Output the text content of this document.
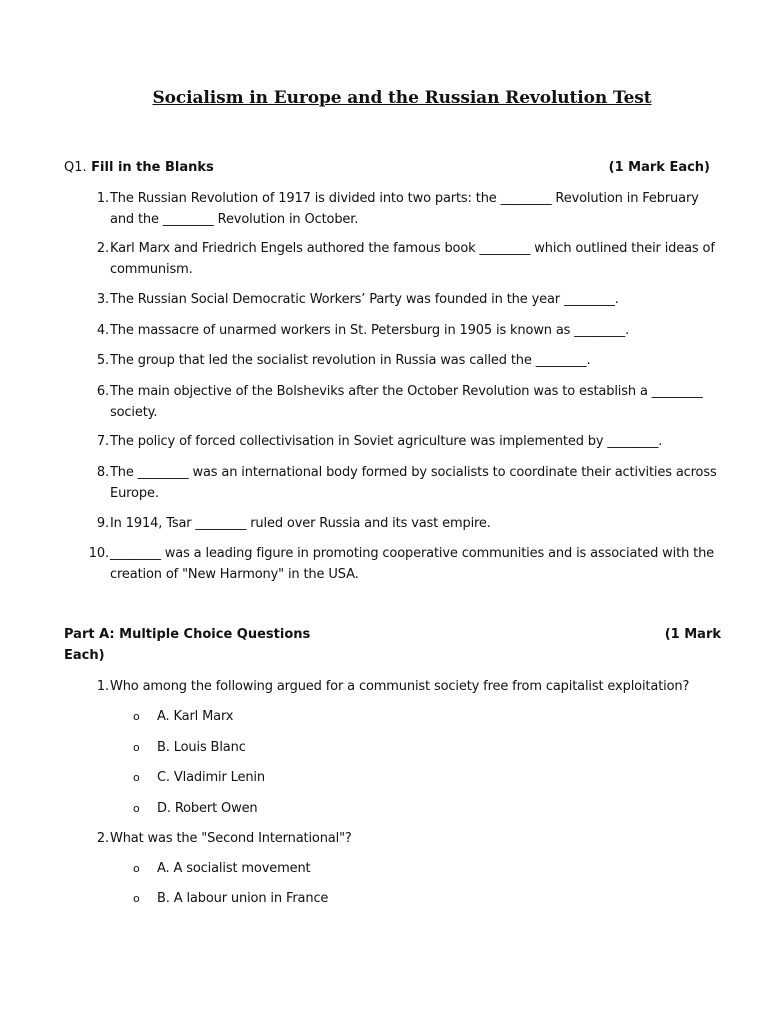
Socialism in Europe and the Russian Revolution Test
Q1. Fill in the Blanks	(1 Mark Each)
1. The Russian Revolution of 1917 is divided into two parts: the ________ Revolution in February and the ________ Revolution in October.
2. Karl Marx and Friedrich Engels authored the famous book ________ which outlined their ideas of communism.
3. The Russian Social Democratic Workers’ Party was founded in the year ________.
4. The massacre of unarmed workers in St. Petersburg in 1905 is known as ________.
5. The group that led the socialist revolution in Russia was called the ________.
6. The main objective of the Bolsheviks after the October Revolution was to establish a ________ society.
7. The policy of forced collectivisation in Soviet agriculture was implemented by ________.
8. The ________ was an international body formed by socialists to coordinate their activities across Europe.
9. In 1914, Tsar ________ ruled over Russia and its vast empire.
10. ________ was a leading figure in promoting cooperative communities and is associated with the creation of "New Harmony" in the USA.
Part A: Multiple Choice Questions	(1 Mark
Each)
1. Who among the following argued for a communist society free from capitalist exploitation?
o A. Karl Marx
o B. Louis Blanc
o C. Vladimir Lenin
o D. Robert Owen
2. What was the "Second International"?
o A. A socialist movement
o B. A labour union in France
